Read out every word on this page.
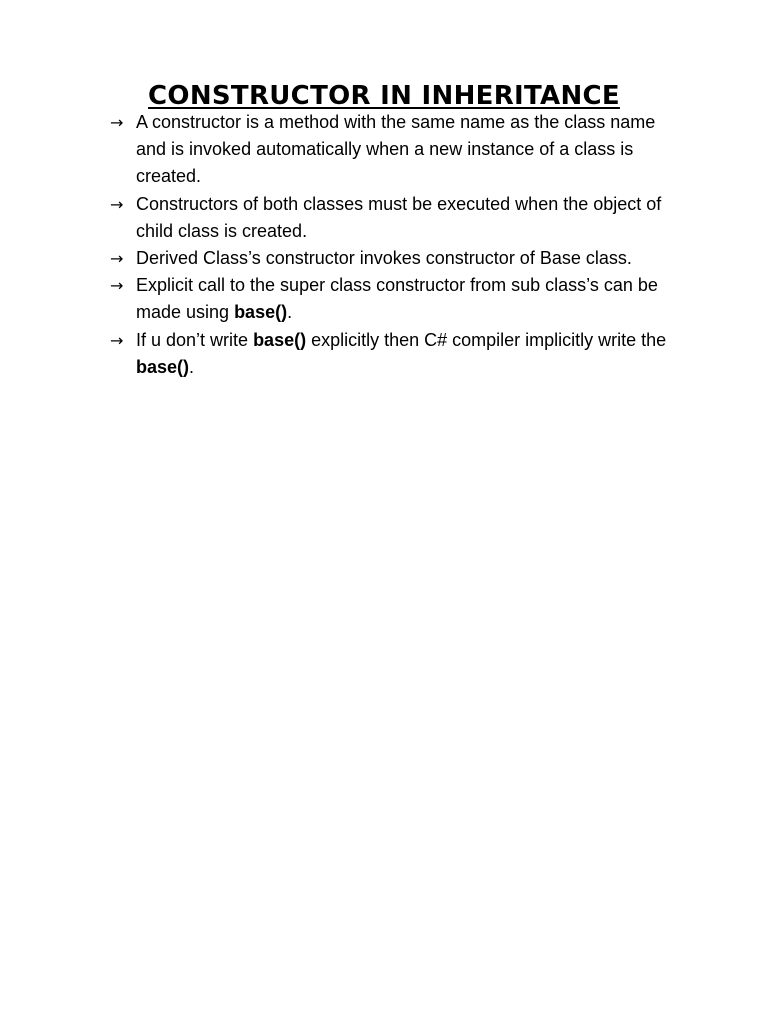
CONSTRUCTOR IN INHERITANCE
→ A constructor is a method with the same name as the class name and is invoked automatically when a new instance of a class is created.
→ Constructors of both classes must be executed when the object of child class is created.
→ Derived Class’s constructor invokes constructor of Base class.
→ Explicit call to the super class constructor from sub class’s can be made using base().
→ If u don’t write base() explicitly then C# compiler implicitly write the base().
